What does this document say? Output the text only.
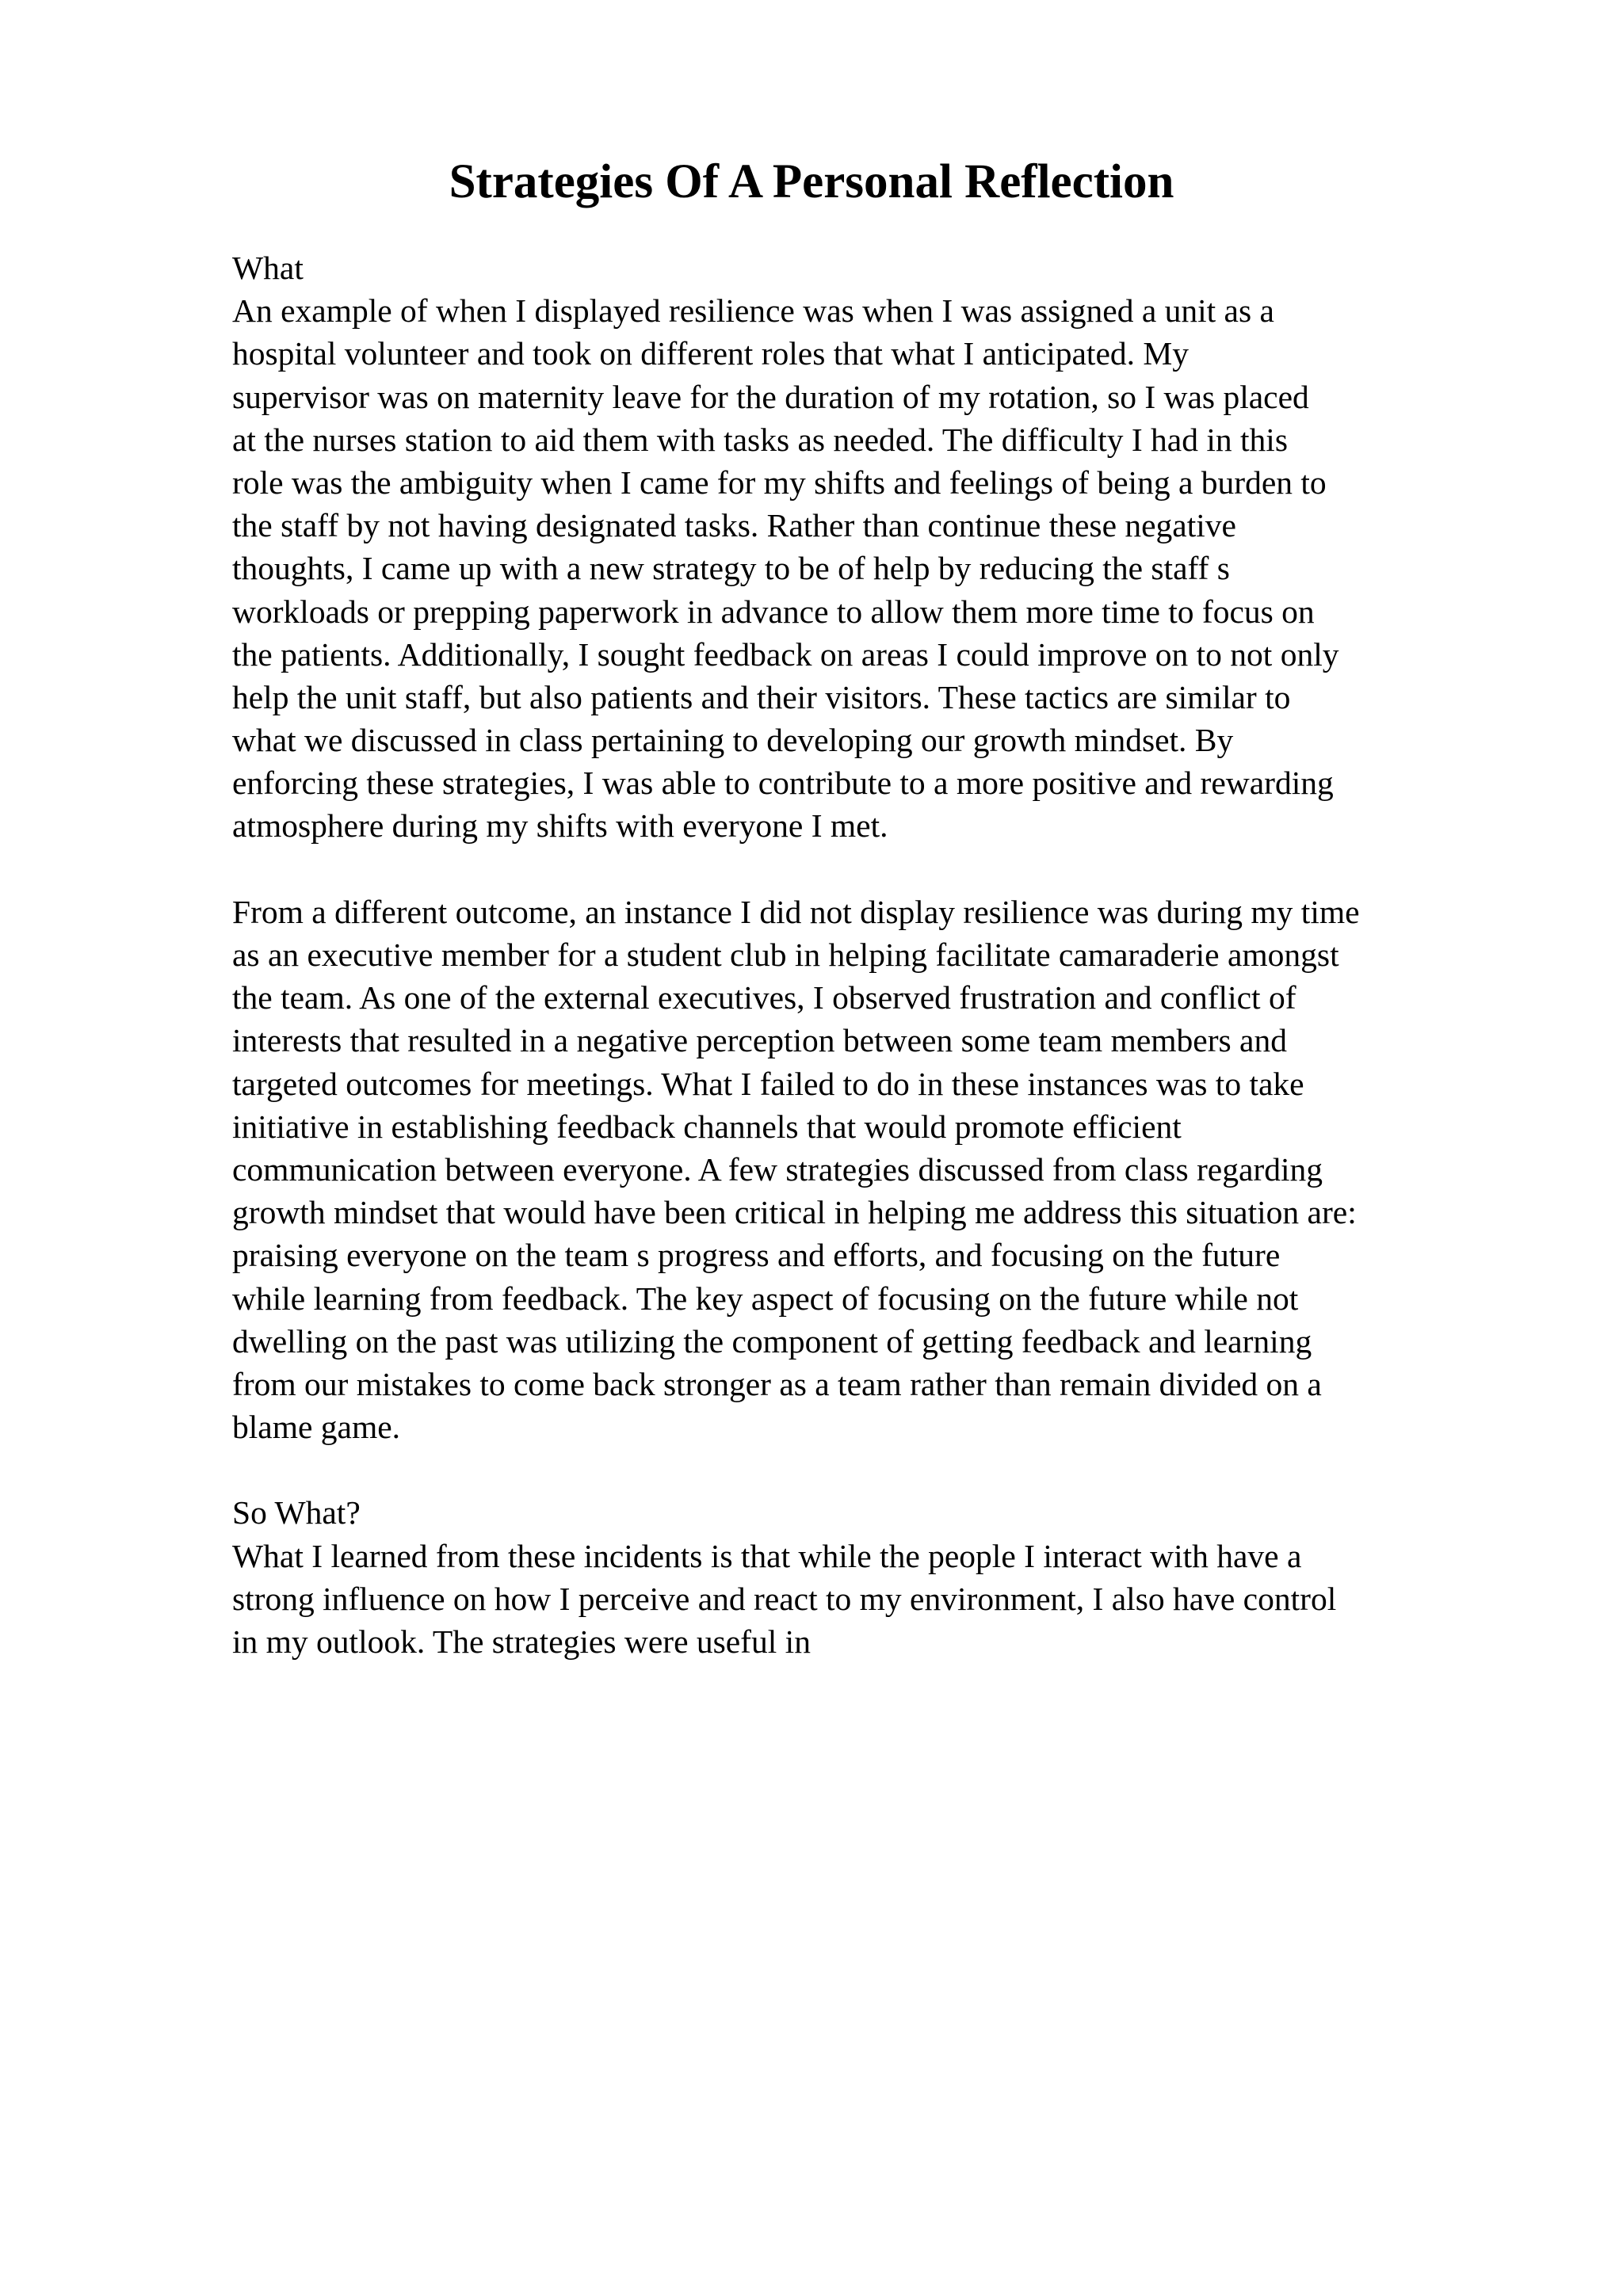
Strategies Of A Personal Reflection
What
An example of when I displayed resilience was when I was assigned a unit as a
hospital volunteer and took on different roles that what I anticipated. My
supervisor was on maternity leave for the duration of my rotation, so I was placed
at the nurses station to aid them with tasks as needed. The difficulty I had in this
role was the ambiguity when I came for my shifts and feelings of being a burden to
the staff by not having designated tasks. Rather than continue these negative
thoughts, I came up with a new strategy to be of help by reducing the staff s
workloads or prepping paperwork in advance to allow them more time to focus on
the patients. Additionally, I sought feedback on areas I could improve on to not only
help the unit staff, but also patients and their visitors. These tactics are similar to
what we discussed in class pertaining to developing our growth mindset. By
enforcing these strategies, I was able to contribute to a more positive and rewarding
atmosphere during my shifts with everyone I met.
From a different outcome, an instance I did not display resilience was during my time
as an executive member for a student club in helping facilitate camaraderie amongst
the team. As one of the external executives, I observed frustration and conflict of
interests that resulted in a negative perception between some team members and
targeted outcomes for meetings. What I failed to do in these instances was to take
initiative in establishing feedback channels that would promote efficient
communication between everyone. A few strategies discussed from class regarding
growth mindset that would have been critical in helping me address this situation are:
praising everyone on the team s progress and efforts, and focusing on the future
while learning from feedback. The key aspect of focusing on the future while not
dwelling on the past was utilizing the component of getting feedback and learning
from our mistakes to come back stronger as a team rather than remain divided on a
blame game.
So What?
What I learned from these incidents is that while the people I interact with have a
strong influence on how I perceive and react to my environment, I also have control
in my outlook. The strategies were useful in
